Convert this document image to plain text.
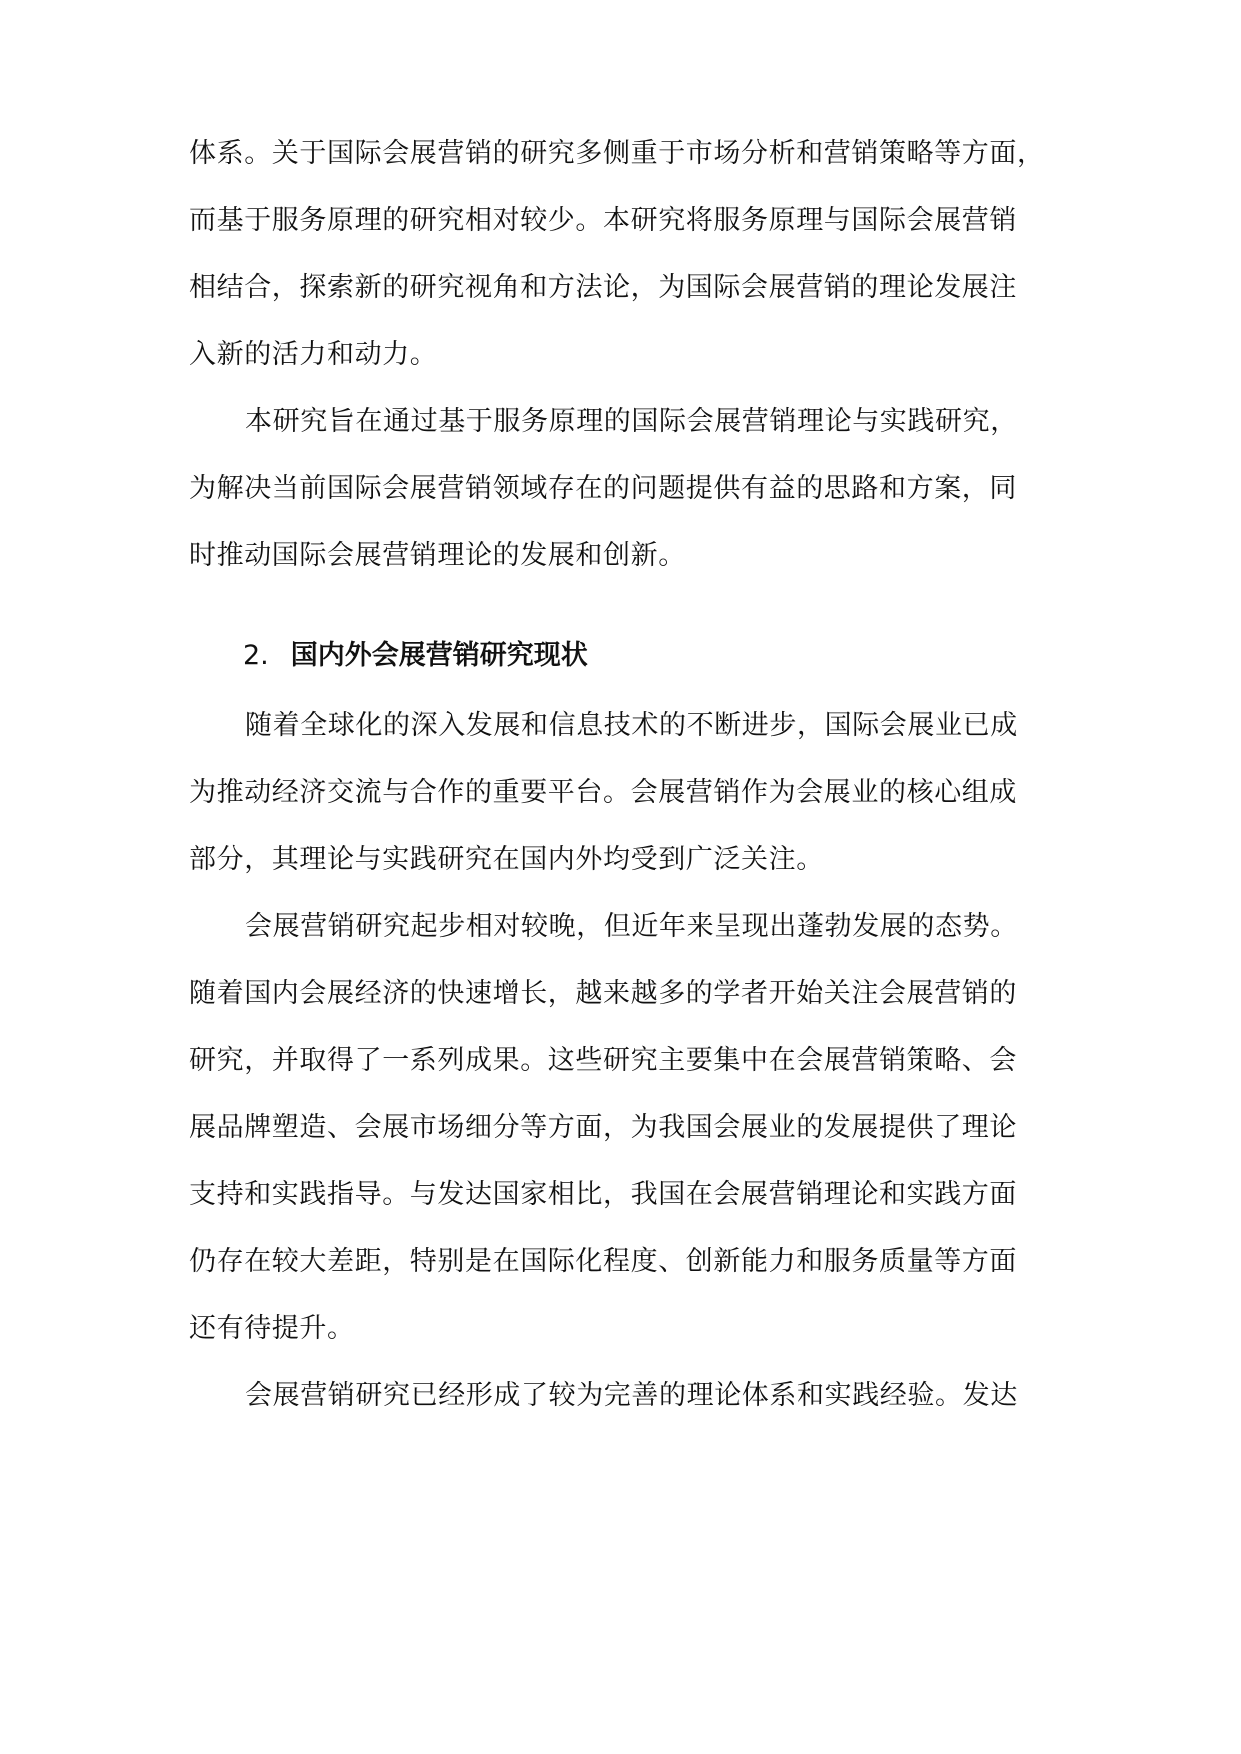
体系。关于国际会展营销的研究多侧重于市场分析和营销策略等方面，
而基于服务原理的研究相对较少。本研究将服务原理与国际会展营销
相结合，探索新的研究视角和方法论，为国际会展营销的理论发展注
入新的活力和动力。
本研究旨在通过基于服务原理的国际会展营销理论与实践研究，
为解决当前国际会展营销领域存在的问题提供有益的思路和方案，同
时推动国际会展营销理论的发展和创新。
2. 国内外会展营销研究现状
随着全球化的深入发展和信息技术的不断进步，国际会展业已成
为推动经济交流与合作的重要平台。会展营销作为会展业的核心组成
部分，其理论与实践研究在国内外均受到广泛关注。
会展营销研究起步相对较晚，但近年来呈现出蓬勃发展的态势。
随着国内会展经济的快速增长，越来越多的学者开始关注会展营销的
研究，并取得了一系列成果。这些研究主要集中在会展营销策略、会
展品牌塑造、会展市场细分等方面，为我国会展业的发展提供了理论
支持和实践指导。与发达国家相比，我国在会展营销理论和实践方面
仍存在较大差距，特别是在国际化程度、创新能力和服务质量等方面
还有待提升。
会展营销研究已经形成了较为完善的理论体系和实践经验。发达
